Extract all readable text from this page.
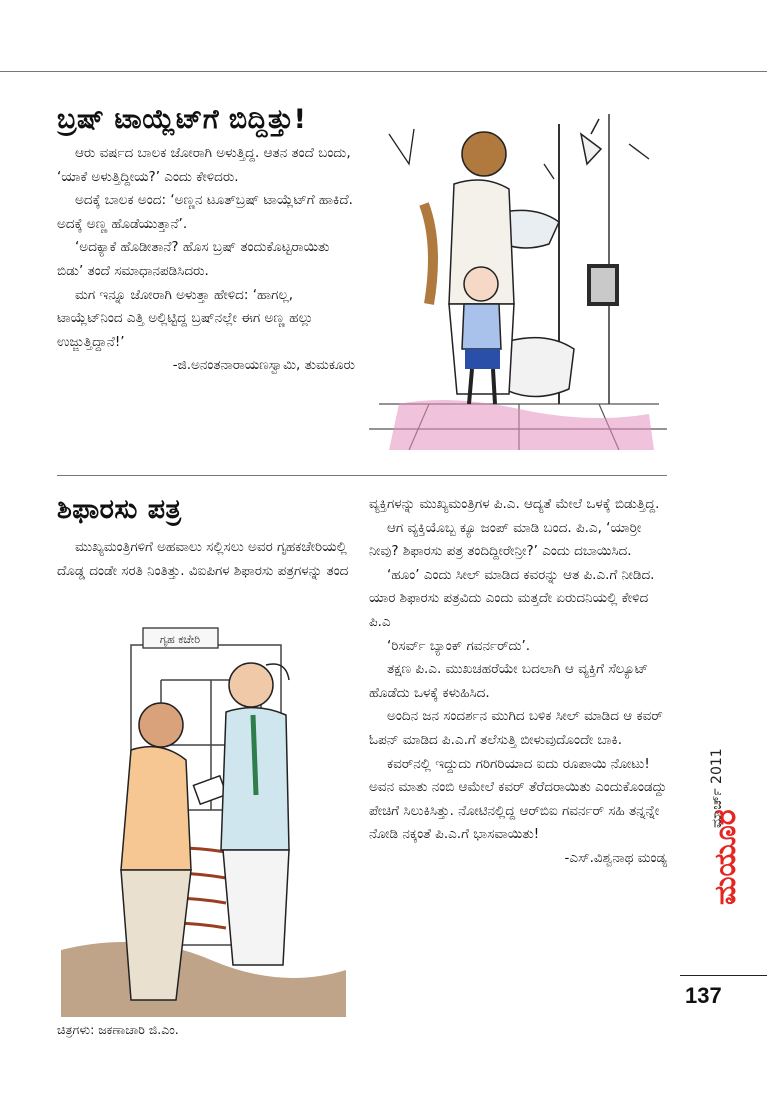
ಬ್ರಷ್ ಟಾಯ್ಲೆಟ್‌ಗೆ ಬಿದ್ದಿತ್ತು!

ಆರು ವರ್ಷದ ಬಾಲಕ ಜೋರಾಗಿ ಅಳುತ್ತಿದ್ದ. ಆತನ ತಂದೆ ಬಂದು, ‘ಯಾಕೆ ಅಳುತ್ತಿದ್ದೀಯ?’ ಎಂದು ಕೇಳಿದರು.

ಅದಕ್ಕೆ ಬಾಲಕ ಅಂದ: ‘ಅಣ್ಣನ ಟೂತ್‌ಬ್ರಷ್ ಟಾಯ್ಲೆಟ್‌ಗೆ ಹಾಕಿದೆ. ಅದಕ್ಕೆ ಅಣ್ಣ ಹೊಡೆಯುತ್ತಾನೆ’.

‘ಅದಕ್ಯಾಕೆ ಹೊಡೀತಾನೆ? ಹೊಸ ಬ್ರಷ್ ತಂದುಕೊಟ್ಟರಾಯಿತು ಬಿಡು’ ತಂದೆ ಸಮಾಧಾನಪಡಿಸಿದರು.

ಮಗ ಇನ್ನೂ ಜೋರಾಗಿ ಅಳುತ್ತಾ ಹೇಳಿದ: ‘ಹಾಗಲ್ಲ, ಟಾಯ್ಲೆಟ್‌ನಿಂದ ಎತ್ತಿ ಅಲ್ಲಿಟ್ಟಿದ್ದ ಬ್ರಷ್‌ನಲ್ಲೇ ಈಗ ಅಣ್ಣ ಹಲ್ಲು ಉಜ್ಜುತ್ತಿದ್ದಾನೆ!’

-ಜಿ.ಅನಂತನಾರಾಯಣಸ್ವಾಮಿ, ತುಮಕೂರು

ಶಿಫಾರಸು ಪತ್ರ

ಮುಖ್ಯಮಂತ್ರಿಗಳಿಗೆ ಅಹವಾಲು ಸಲ್ಲಿಸಲು ಅವರ ಗೃಹಕಚೇರಿಯಲ್ಲಿ ದೊಡ್ಡ ದಂಡೇ ಸರತಿ ನಿಂತಿತ್ತು. ವಿಐಪಿಗಳ ಶಿಫಾರಸು ಪತ್ರಗಳನ್ನು ತಂದ

ಗೃಹ ಕಚೇರಿ
ಚಿತ್ರಗಳು: ಜಕಣಾಚಾರಿ ಜಿ.ಎಂ.

ವ್ಯಕ್ತಿಗಳನ್ನು ಮುಖ್ಯಮಂತ್ರಿಗಳ ಪಿ.ಎ. ಆದ್ಯತೆ ಮೇಲೆ ಒಳಕ್ಕೆ ಬಿಡುತ್ತಿದ್ದ.

ಆಗ ವ್ಯಕ್ತಿಯೊಬ್ಬ ಕ್ಯೂ ಜಂಪ್ ಮಾಡಿ ಬಂದ. ಪಿ.ಎ, ‘ಯಾರ‍್ರೀ ನೀವು? ಶಿಫಾರಸು ಪತ್ರ ತಂದಿದ್ದೀರೇನ್ರೀ?’ ಎಂದು ದಬಾಯಿಸಿದ.

‘ಹೂಂ’ ಎಂದು ಸೀಲ್ ಮಾಡಿದ ಕವರನ್ನು ಆತ ಪಿ.ಎ.ಗೆ ನೀಡಿದ. ಯಾರ ಶಿಫಾರಸು ಪತ್ರವಿದು ಎಂದು ಮತ್ತದೇ ಏರುದನಿಯಲ್ಲಿ ಕೇಳಿದ ಪಿ.ಎ

‘ರಿಸರ್ವ್ ಬ್ಯಾಂಕ್ ಗವರ್ನರ್‌ದು’.

ತಕ್ಷಣ ಪಿ.ಎ. ಮುಖಚಹರೆಯೇ ಬದಲಾಗಿ ಆ ವ್ಯಕ್ತಿಗೆ ಸೆಲ್ಯೂಟ್ ಹೊಡೆದು ಒಳಕ್ಕೆ ಕಳುಹಿಸಿದ.

ಅಂದಿನ ಜನ ಸಂದರ್ಶನ ಮುಗಿದ ಬಳಿಕ ಸೀಲ್ ಮಾಡಿದ ಆ ಕವರ್ ಓಪನ್ ಮಾಡಿದ ಪಿ.ಎ.ಗೆ ತಲೆಸುತ್ತಿ ಬೀಳುವುದೊಂದೇ ಬಾಕಿ.

ಕವರ್‌ನಲ್ಲಿ ಇದ್ದುದು ಗರಿಗರಿಯಾದ ಐದು ರೂಪಾಯಿ ನೋಟು! ಅವನ ಮಾತು ನಂಬಿ ಆಮೇಲೆ ಕವರ್ ತೆರೆದರಾಯಿತು ಎಂದುಕೊಂಡದ್ದು ಪೇಚಿಗೆ ಸಿಲುಕಿಸಿತ್ತು. ನೋಟಿನಲ್ಲಿದ್ದ ಆರ್‌ಬಿಐ ಗವರ್ನರ್ ಸಹಿ ತನ್ನನ್ನೇ ನೋಡಿ ನಕ್ಕಂತೆ ಪಿ.ಎ.ಗೆ ಭಾಸವಾಯಿತು!

-ಎಸ್.ವಿಶ್ವನಾಥ ಮಂಡ್ಯ

ಮಾರ್ಚ್ 2011
ಮಯೂರ
137
